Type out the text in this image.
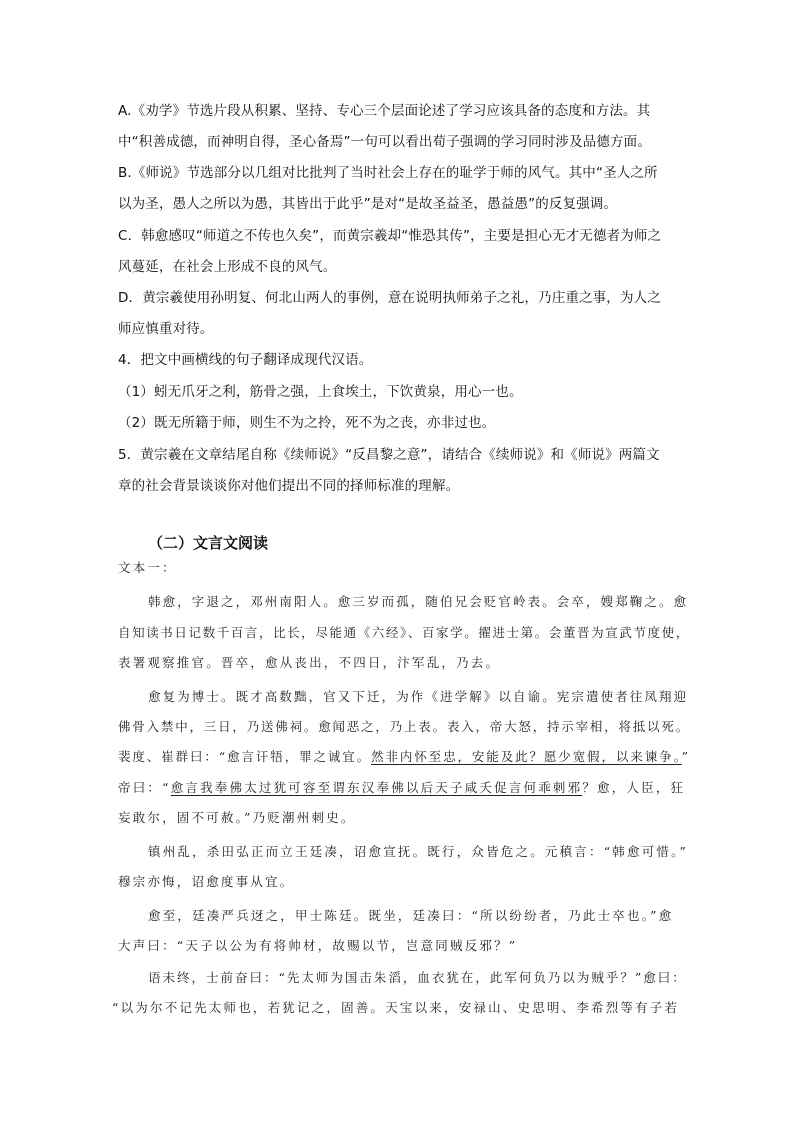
A.《劝学》节选片段从积累、坚持、专心三个层面论述了学习应该具备的态度和方法。其
中“积善成德，而神明自得，圣心备焉”一句可以看出荀子强调的学习同时涉及品德方面。
B.《师说》节选部分以几组对比批判了当时社会上存在的耻学于师的风气。其中“圣人之所
以为圣，愚人之所以为愚，其皆出于此乎”是对“是故圣益圣，愚益愚”的反复强调。
C．韩愈感叹“师道之不传也久矣”，而黄宗羲却“惟恐其传”，主要是担心无才无德者为师之
风蔓延，在社会上形成不良的风气。
D．黄宗羲使用孙明复、何北山两人的事例，意在说明执师弟子之礼，乃庄重之事，为人之
师应慎重对待。
4．把文中画横线的句子翻译成现代汉语。
（1）蚓无爪牙之利，筋骨之强，上食埃土，下饮黄泉，用心一也。
（2）既无所籍于师，则生不为之拎，死不为之丧，亦非过也。
5．黄宗羲在文章结尾自称《续师说》“反昌黎之意”，请结合《续师说》和《师说》两篇文
章的社会背景谈谈你对他们提出不同的择师标准的理解。
（二）文言文阅读
文本一：
韩愈，字退之，邓州南阳人。愈三岁而孤，随伯兄会贬官岭表。会卒，嫂郑鞠之。愈
自知读书日记数千百言，比长，尽能通《六经》、百家学。擢进士第。会董晋为宣武节度使，
表署观察推官。晋卒，愈从丧出，不四日，汴军乱，乃去。
愈复为博士。既才高数黜，官又下迁，为作《进学解》以自谕。宪宗遣使者往凤翔迎
佛骨入禁中，三日，乃送佛祠。愈闻恶之，乃上表。表入，帝大怒，持示宰相，将抵以死。
裴度、崔群曰：“愈言讦牾，罪之诚宜。然非内怀至忠，安能及此？愿少宽假，以来谏争。”
帝曰：“愈言我奉佛太过犹可容至谓东汉奉佛以后天子咸夭促言何乖刺邪？愈，人臣，狂
妄敢尔，固不可赦。”乃贬潮州刺史。
镇州乱，杀田弘正而立王廷凑，诏愈宣抚。既行，众皆危之。元稹言：“韩愈可惜。”
穆宗亦悔，诏愈度事从宜。
愈至，廷凑严兵迓之，甲士陈廷。既坐，廷凑曰：“所以纷纷者，乃此士卒也。”愈
大声曰：“天子以公为有将帅材，故赐以节，岂意同贼反邪？”
语未终，士前奋曰：“先太师为国击朱滔，血衣犹在，此军何负乃以为贼乎？”愈曰：
“以为尔不记先太师也，若犹记之，固善。天宝以来，安禄山、史思明、李希烈等有子若
